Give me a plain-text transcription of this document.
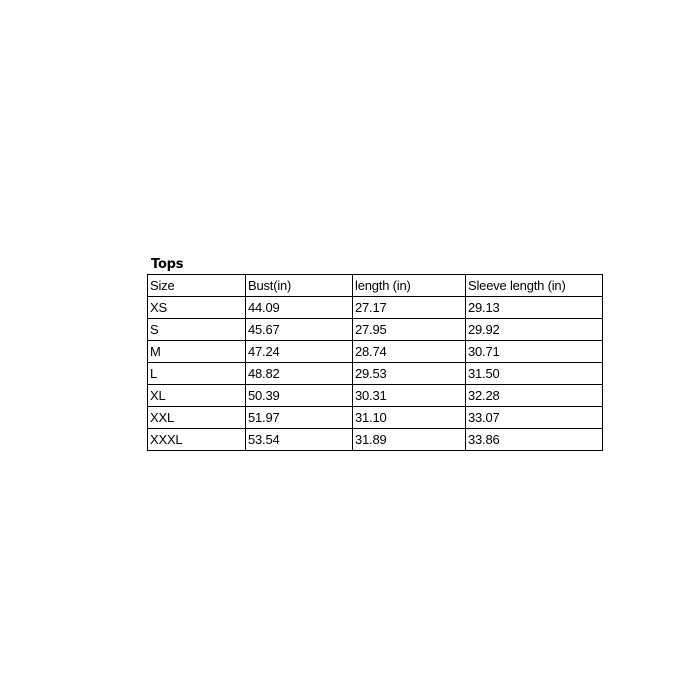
Tops
Size	Bust(in)	length (in)	Sleeve length (in)
XS	44.09	27.17	29.13
S	45.67	27.95	29.92
M	47.24	28.74	30.71
L	48.82	29.53	31.50
XL	50.39	30.31	32.28
XXL	51.97	31.10	33.07
XXXL	53.54	31.89	33.86
